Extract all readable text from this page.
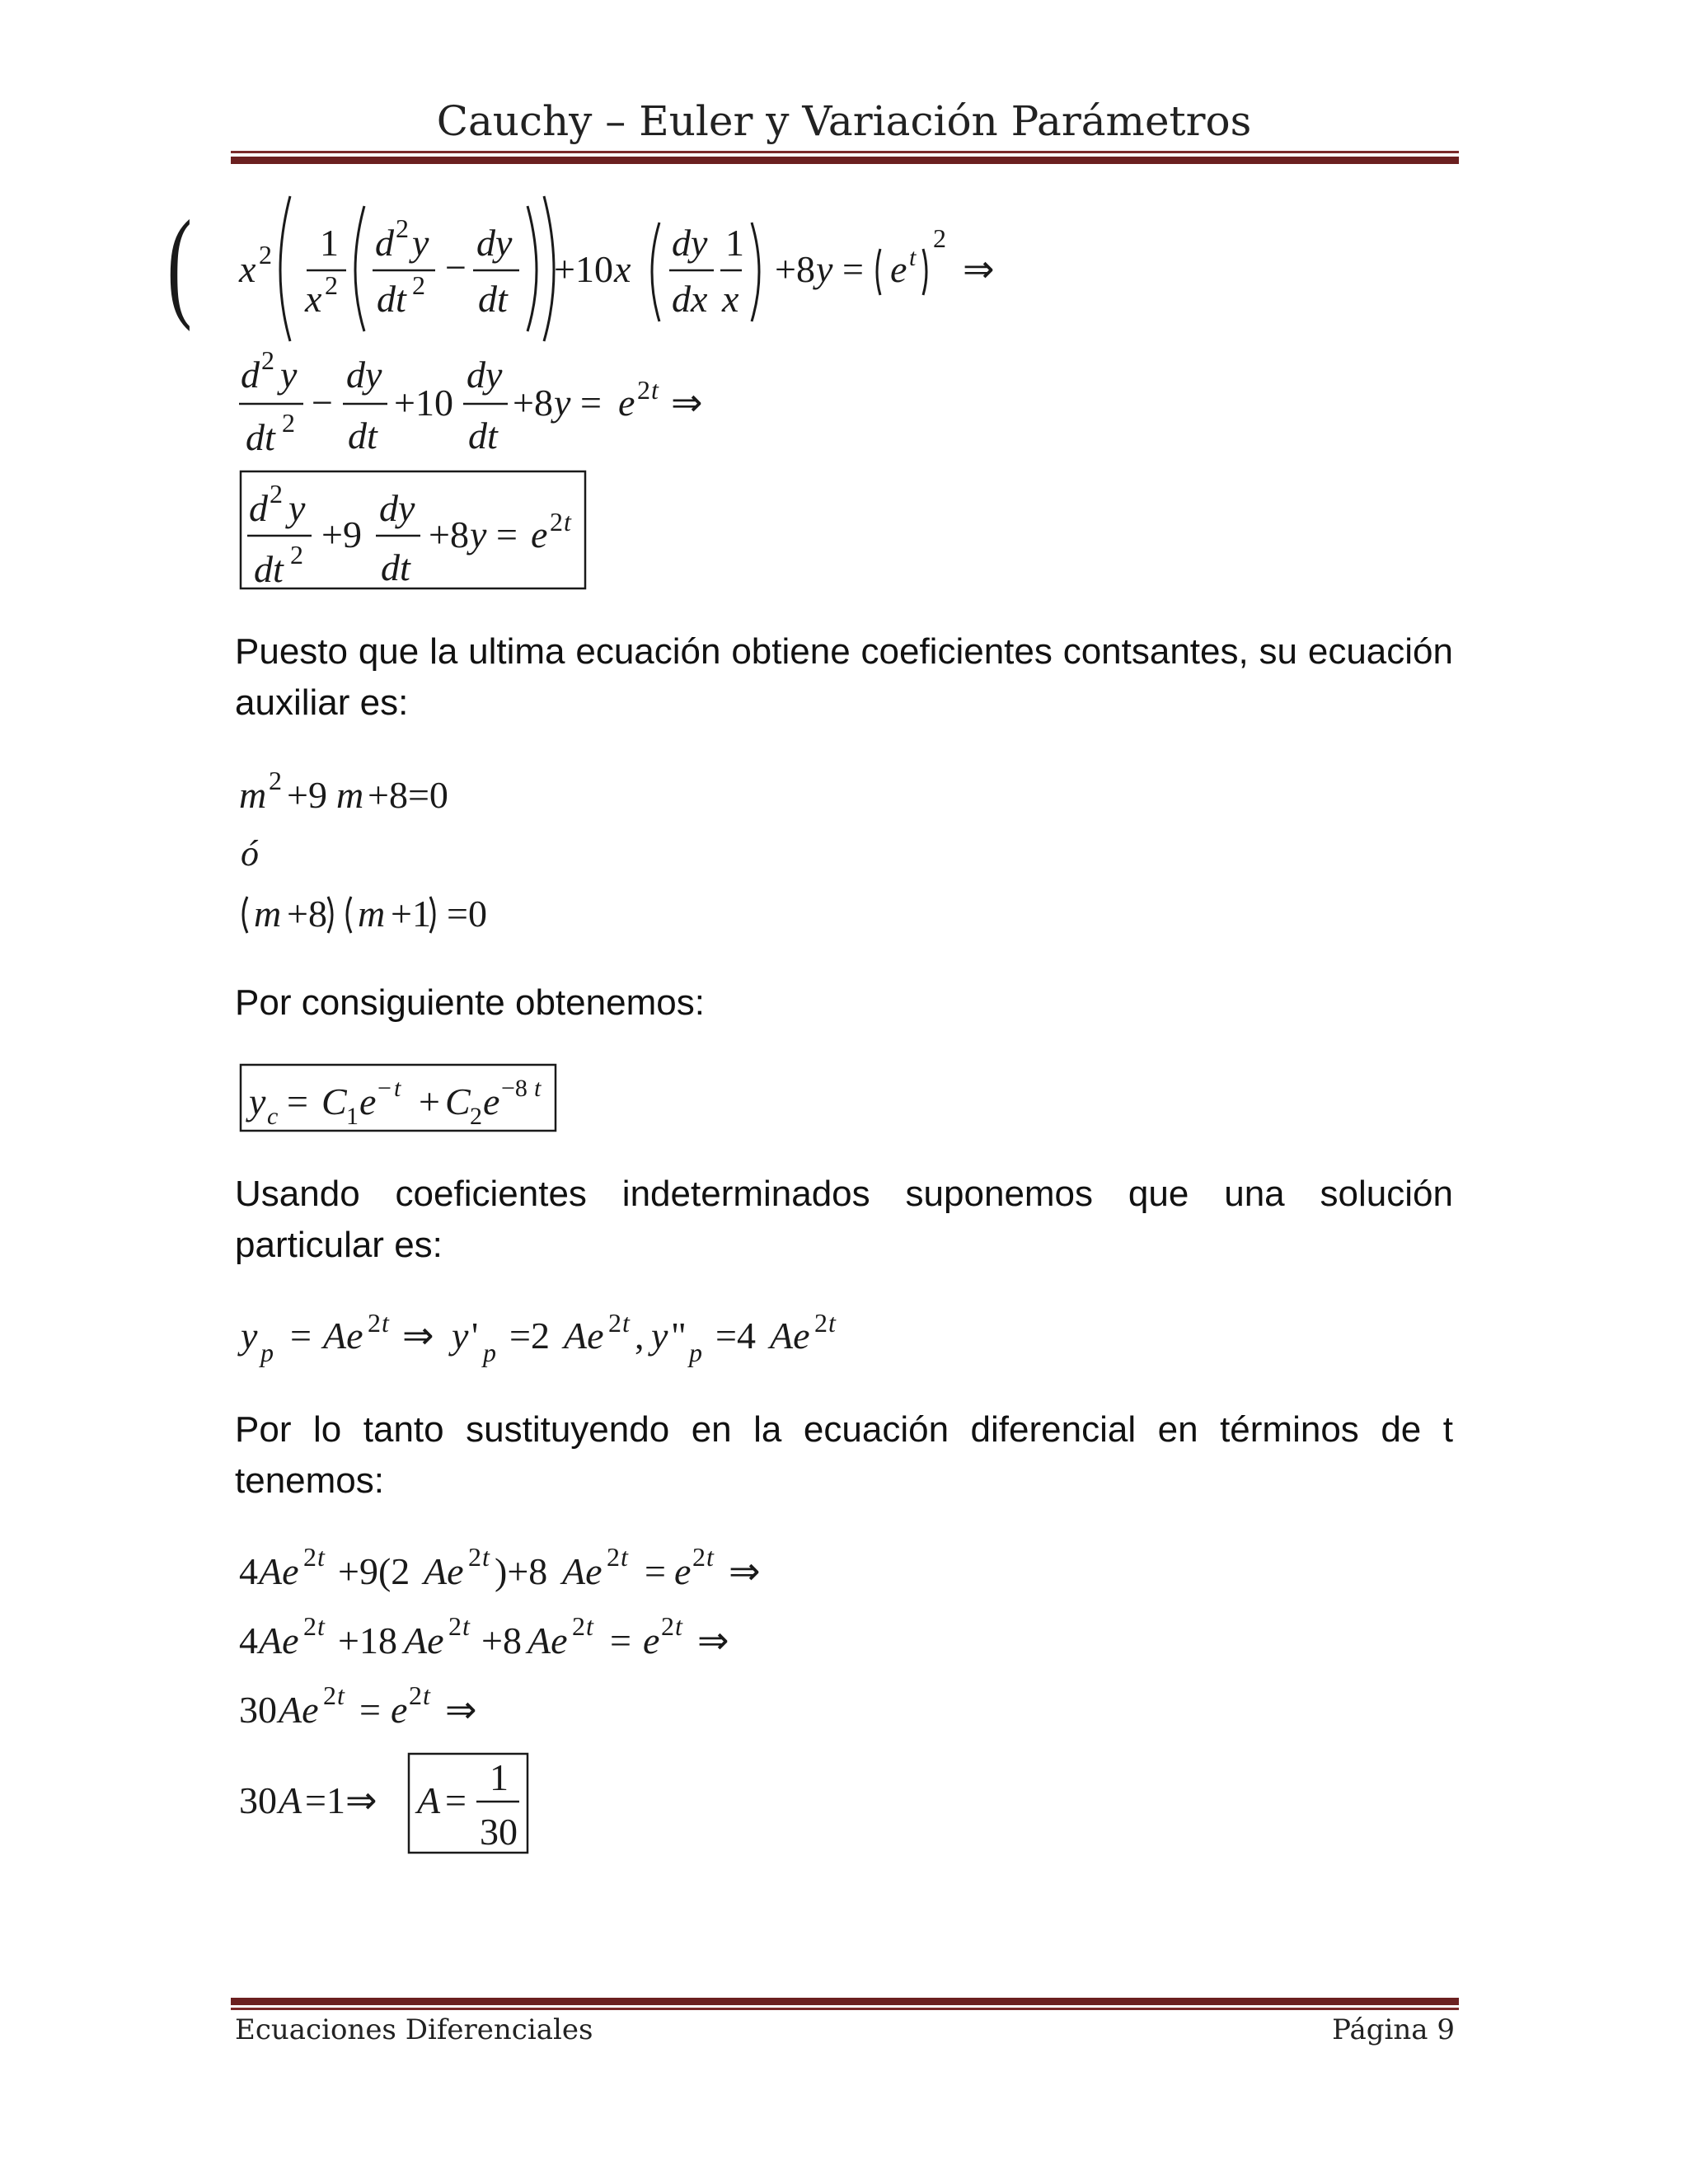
Cauchy – Euler y Variación Parámetros
x 2
(	1
x 2
d 2 y
dt 2 −
dy
dt
+10 x
dy
dx
1
x
+8 y = e t
2
⇒
d 2 y
dt 2 −
dy
dt
+10
dy
dt
+8 y = e 2 t ⇒
d 2 y
dt 2 +9
dy
dt
+8 y = e 2 t
m 2 +9 m +8=0
ó
m +8 m +1 =0
y c = C 1 e − t + C 2 e −8 t
y p = Ae 2 t ⇒ y ' p =2 Ae 2 t , y " p =4 Ae 2 t
4 Ae 2 t +9(2 Ae 2 t )+8 Ae 2 t = e 2 t ⇒
4 Ae 2 t +18 Ae 2 t +8 Ae 2 t = e 2 t ⇒
30 Ae 2 t = e 2 t ⇒
30 A =1⇒ A =
1
30
Puesto que la ultima ecuación obtiene coeficientes contsantes, su ecuación auxiliar es:
Por consiguiente obtenemos:
Usando coeficientes indeterminados suponemos que una solución particular es:
Por lo tanto sustituyendo en la ecuación diferencial en términos de t tenemos:
Ecuaciones Diferenciales	Página 9
